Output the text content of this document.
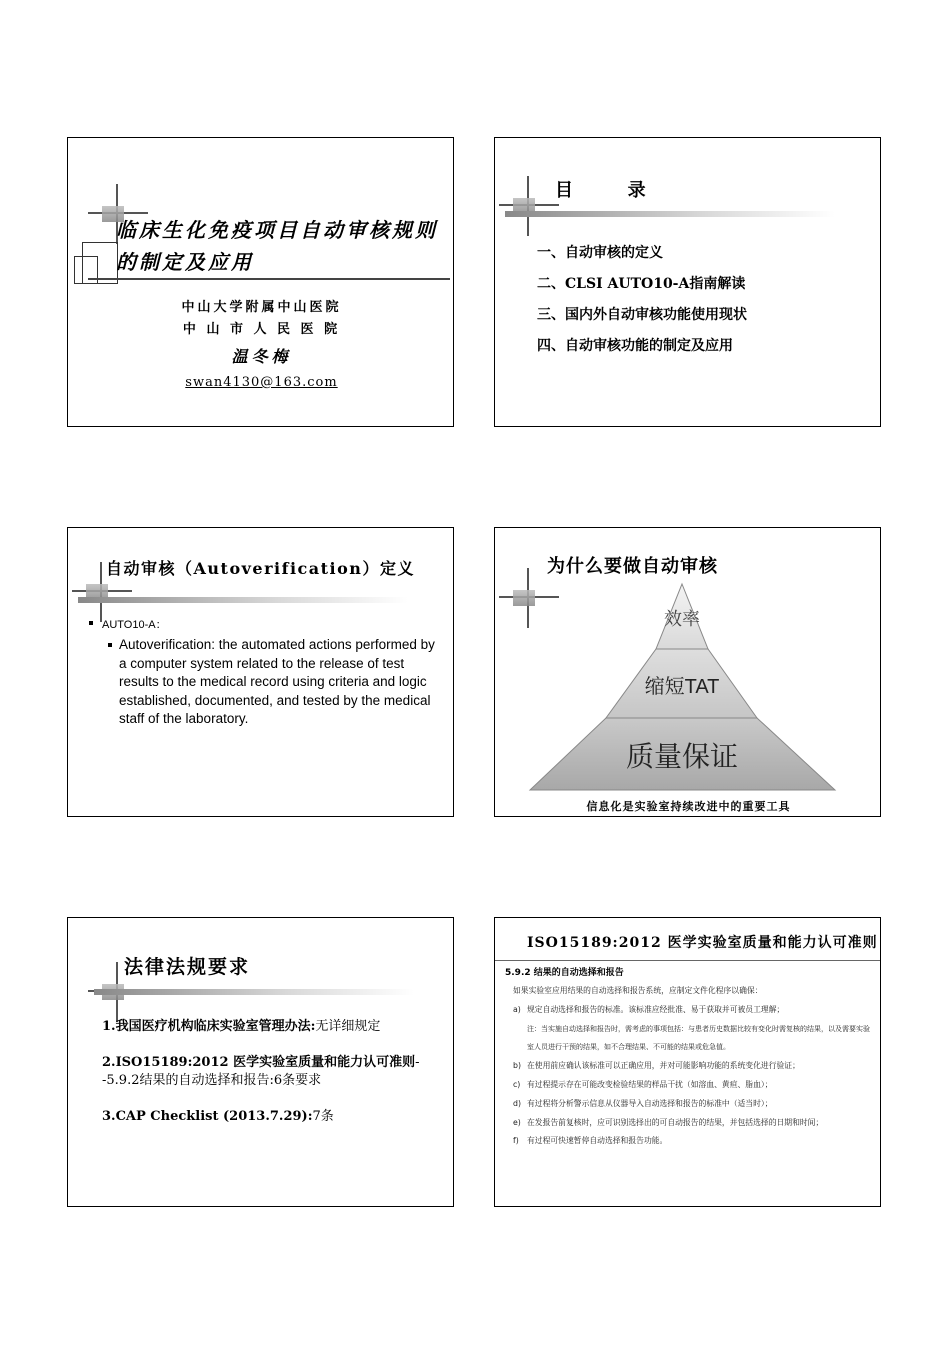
临床生化免疫项目自动审核规则的制定及应用
中山大学附属中山医院
中 山 市 人 民 医 院
温冬梅
swan4130@163.com
目	录
一、自动审核的定义
二、CLSI AUTO10-A指南解读
三、国内外自动审核功能使用现状
四、自动审核功能的制定及应用
自动审核（Autoverification）定义
AUTO10-A：
Autoverification: the automated actions performed by a computer system related to the release of test results to the medical record using criteria and logic established, documented, and tested by the medical staff of the laboratory.
为什么要做自动审核
效率
缩短TAT
质量保证
信息化是实验室持续改进中的重要工具
法律法规要求
1.我国医疗机构临床实验室管理办法:无详细规定
2.ISO15189:2012 医学实验室质量和能力认可准则--5.9.2结果的自动选择和报告:6条要求
3.CAP Checklist (2013.7.29):7条
ISO15189:2012 医学实验室质量和能力认可准则
5.9.2 结果的自动选择和报告
如果实验室应用结果的自动选择和报告系统，应制定文件化程序以确保：
a) 规定自动选择和报告的标准。该标准应经批准、易于获取并可被员工理解；
注：当实施自动选择和报告时，需考虑的事项包括：与患者历史数据比较有变化时需复核的结果，以及需要实验室人员进行干预的结果，如不合理结果、不可能的结果或危急值。
b) 在使用前应确认该标准可以正确应用，并对可能影响功能的系统变化进行验证；
c) 有过程提示存在可能改变检验结果的样品干扰（如溶血、黄疸、脂血）；
d) 有过程将分析警示信息从仪器导入自动选择和报告的标准中（适当时）；
e) 在发报告前复核时，应可识别选择出的可自动报告的结果，并包括选择的日期和时间；
f) 有过程可快速暂停自动选择和报告功能。
